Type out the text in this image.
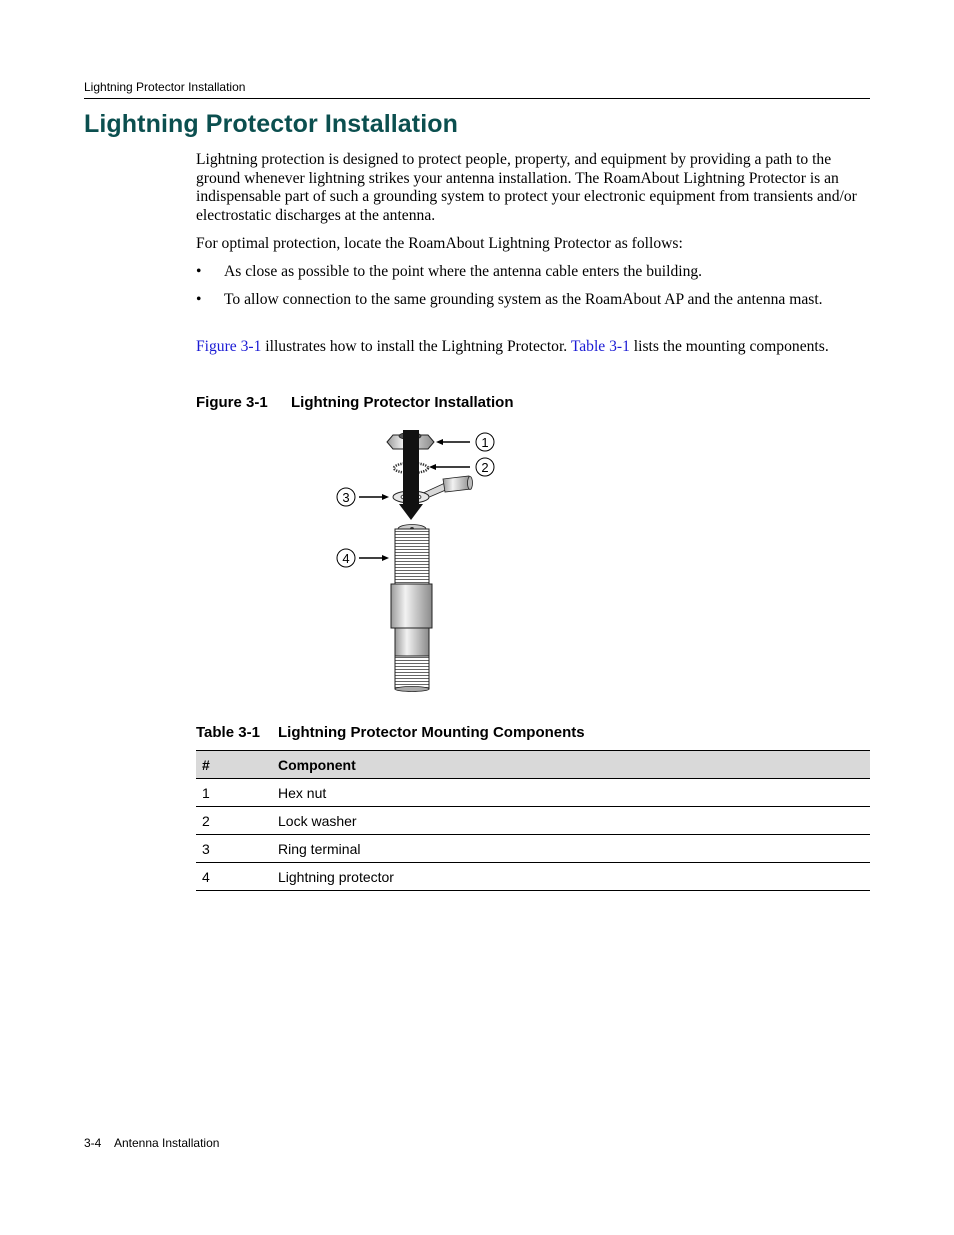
Lightning Protector Installation
Lightning Protector Installation

Lightning protection is designed to protect people, property, and equipment by providing a path to the ground whenever lightning strikes your antenna installation. The RoamAbout Lightning Protector is an indispensable part of such a grounding system to protect your electronic equipment from transients and/or electrostatic discharges at the antenna.

For optimal protection, locate the RoamAbout Lightning Protector as follows:

•	As close as possible to the point where the antenna cable enters the building.
•	To allow connection to the same grounding system as the RoamAbout AP and the antenna mast.

Figure 3-1 illustrates how to install the Lightning Protector. Table 3-1 lists the mounting components.

Figure 3-1 Lightning Protector Installation
1
2
3
4
Table 3-1 Lightning Protector Mounting Components
#	Component
1	Hex nut
2	Lock washer
3	Ring terminal
4	Lightning protector
3-4 Antenna Installation
